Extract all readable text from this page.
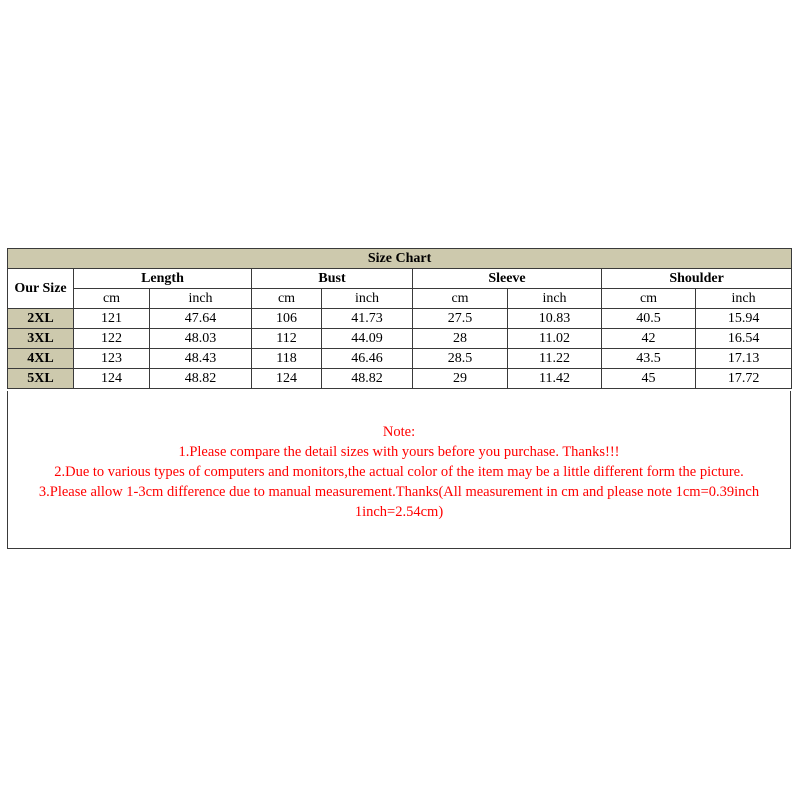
Size Chart								
Our Size	Length		Bust		Sleeve		Shoulder	
	cm	inch	cm	inch	cm	inch	cm	inch
2XL	121	47.64	106	41.73	27.5	10.83	40.5	15.94
3XL	122	48.03	112	44.09	28	11.02	42	16.54
4XL	123	48.43	118	46.46	28.5	11.22	43.5	17.13
5XL	124	48.82	124	48.82	29	11.42	45	17.72
Note:
1.Please compare the detail sizes with yours before you purchase. Thanks!!!
2.Due to various types of computers and monitors,the actual color of the item may be a little different form the picture.
3.Please allow 1-3cm difference due to manual measurement.Thanks(All measurement in cm and please note 1cm=0.39inch 1inch=2.54cm)
